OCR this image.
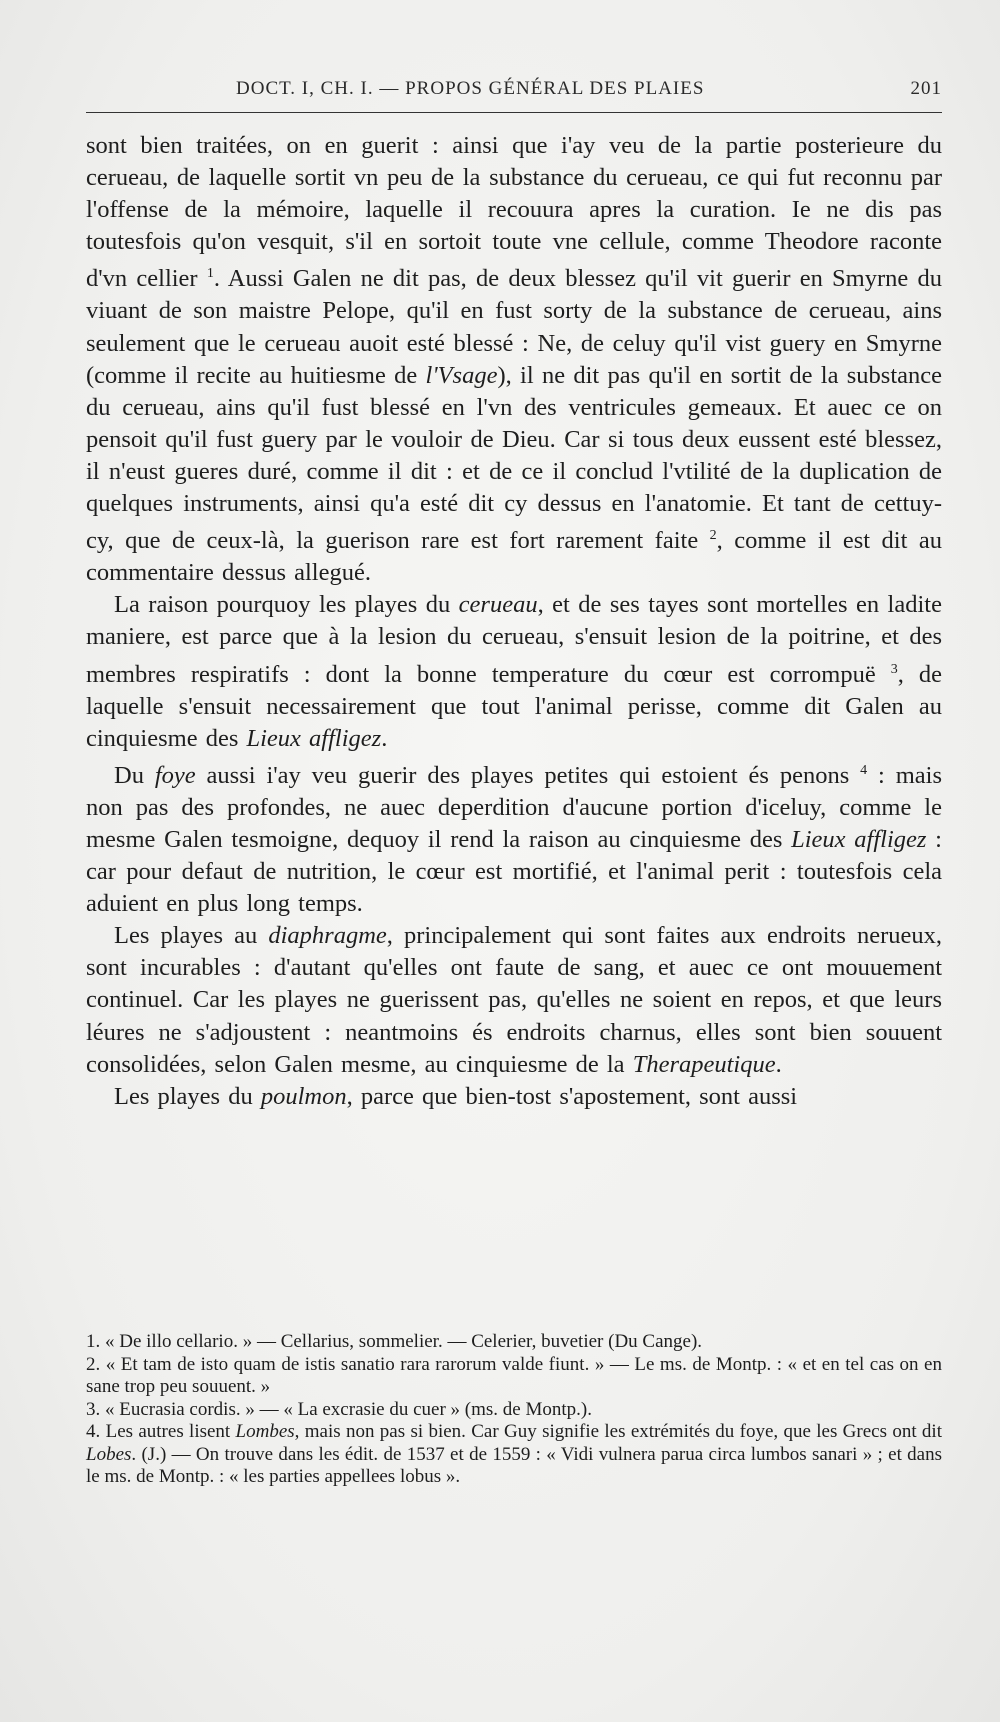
DOCT. I, CH. I. — PROPOS GÉNÉRAL DES PLAIES	201

sont bien traitées, on en guerit : ainsi que i'ay veu de la partie posterieure du cerueau, de laquelle sortit vn peu de la substance du cerueau, ce qui fut reconnu par l'offense de la mémoire, laquelle il recouura apres la curation. Ie ne dis pas toutesfois qu'on vesquit, s'il en sortoit toute vne cellule, comme Theodore raconte d'vn cellier $^1$. Aussi Galen ne dit pas, de deux blessez qu'il vit guerir en Smyrne du viuant de son maistre Pelope, qu'il en fust sorty de la substance de cerueau, ains seulement que le cerueau auoit esté blessé : Ne, de celuy qu'il vist guery en Smyrne (comme il recite au huitiesme de l'Vsage), il ne dit pas qu'il en sortit de la substance du cerueau, ains qu'il fust blessé en l'vn des ventricules gemeaux. Et auec ce on pensoit qu'il fust guery par le vouloir de Dieu. Car si tous deux eussent esté blessez, il n'eust gueres duré, comme il dit : et de ce il conclud l'vtilité de la duplication de quelques instruments, ainsi qu'a esté dit cy dessus en l'anatomie. Et tant de cettuy-cy, que de ceux-là, la guerison rare est fort rarement faite $^2$, comme il est dit au commentaire dessus allegué.

La raison pourquoy les playes du cerueau, et de ses tayes sont mortelles en ladite maniere, est parce que à la lesion du cerueau, s'ensuit lesion de la poitrine, et des membres respiratifs : dont la bonne temperature du cœur est corrompuë $^3$, de laquelle s'ensuit necessairement que tout l'animal perisse, comme dit Galen au cinquiesme des Lieux affligez.

Du foye aussi i'ay veu guerir des playes petites qui estoient és penons $^4$ : mais non pas des profondes, ne auec deperdition d'aucune portion d'iceluy, comme le mesme Galen tesmoigne, dequoy il rend la raison au cinquiesme des Lieux affligez : car pour defaut de nutrition, le cœur est mortifié, et l'animal perit : toutesfois cela aduient en plus long temps.

Les playes au diaphragme, principalement qui sont faites aux endroits nerueux, sont incurables : d'autant qu'elles ont faute de sang, et auec ce ont mouuement continuel. Car les playes ne guerissent pas, qu'elles ne soient en repos, et que leurs léures ne s'adjoustent : neantmoins és endroits charnus, elles sont bien souuent consolidées, selon Galen mesme, au cinquiesme de la Therapeutique.

Les playes du poulmon, parce que bien-tost s'apostement, sont aussi

1. « De illo cellario. » — Cellarius, sommelier. — Celerier, buvetier (Du Cange).

2. « Et tam de isto quam de istis sanatio rara rarorum valde fiunt. » — Le ms. de Montp. : « et en tel cas on en sane trop peu souuent. »

3. « Eucrasia cordis. » — « La excrasie du cuer » (ms. de Montp.).

4. Les autres lisent Lombes, mais non pas si bien. Car Guy signifie les extrémités du foye, que les Grecs ont dit Lobes. (J.) — On trouve dans les édit. de 1537 et de 1559 : « Vidi vulnera parua circa lumbos sanari » ; et dans le ms. de Montp. : « les parties appellees lobus ».
